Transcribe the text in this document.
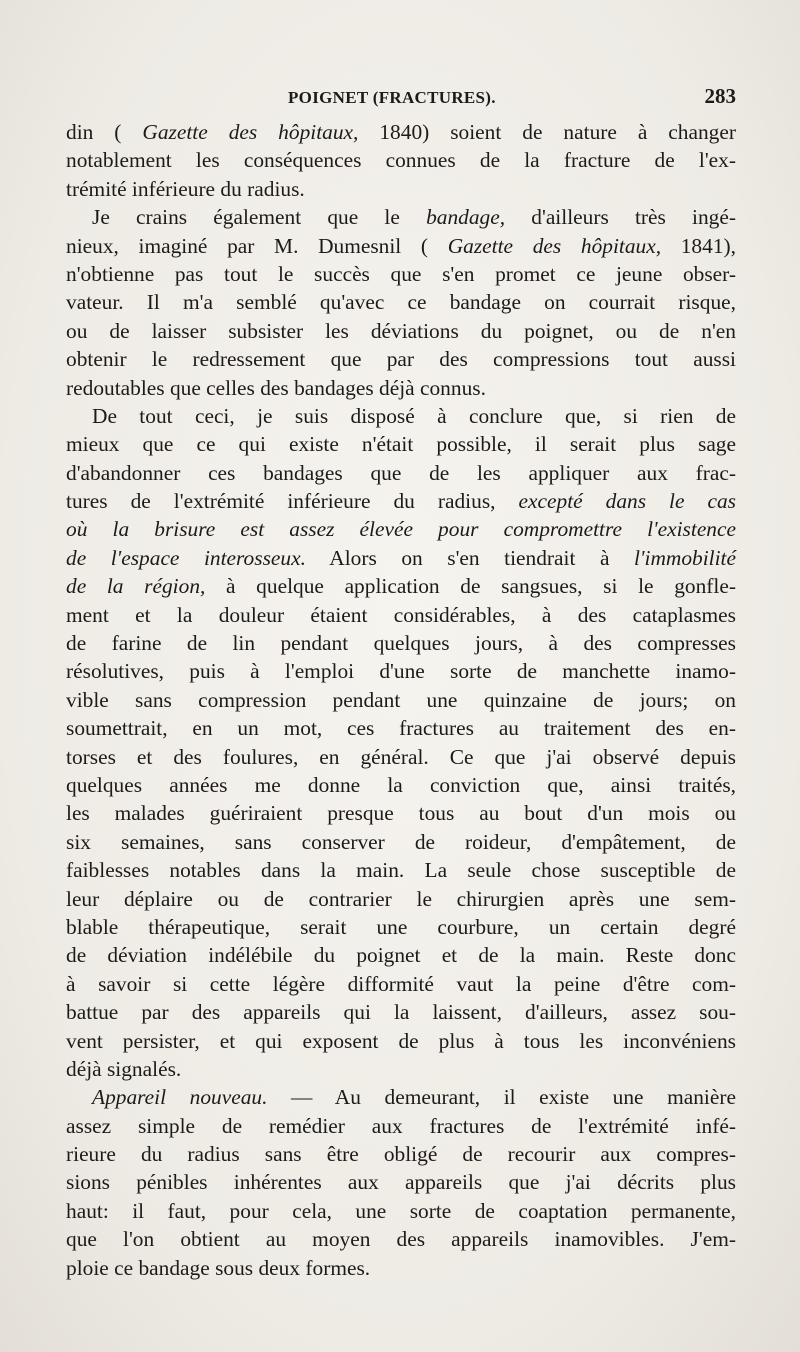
POIGNET (FRACTURES).	283
din ( Gazette des hôpitaux, 1840) soient de nature à changer
notablement les conséquences connues de la fracture de l'ex-
trémité inférieure du radius.
Je crains également que le bandage, d'ailleurs très ingé-
nieux, imaginé par M. Dumesnil ( Gazette des hôpitaux, 1841),
n'obtienne pas tout le succès que s'en promet ce jeune obser-
vateur. Il m'a semblé qu'avec ce bandage on courrait risque,
ou de laisser subsister les déviations du poignet, ou de n'en
obtenir le redressement que par des compressions tout aussi
redoutables que celles des bandages déjà connus.
De tout ceci, je suis disposé à conclure que, si rien de
mieux que ce qui existe n'était possible, il serait plus sage
d'abandonner ces bandages que de les appliquer aux frac-
tures de l'extrémité inférieure du radius, excepté dans le cas
où la brisure est assez élevée pour compromettre l'existence
de l'espace interosseux. Alors on s'en tiendrait à l'immobilité
de la région, à quelque application de sangsues, si le gonfle-
ment et la douleur étaient considérables, à des cataplasmes
de farine de lin pendant quelques jours, à des compresses
résolutives, puis à l'emploi d'une sorte de manchette inamo-
vible sans compression pendant une quinzaine de jours; on
soumettrait, en un mot, ces fractures au traitement des en-
torses et des foulures, en général. Ce que j'ai observé depuis
quelques années me donne la conviction que, ainsi traités,
les malades guériraient presque tous au bout d'un mois ou
six semaines, sans conserver de roideur, d'empâtement, de
faiblesses notables dans la main. La seule chose susceptible de
leur déplaire ou de contrarier le chirurgien après une sem-
blable thérapeutique, serait une courbure, un certain degré
de déviation indélébile du poignet et de la main. Reste donc
à savoir si cette légère difformité vaut la peine d'être com-
battue par des appareils qui la laissent, d'ailleurs, assez sou-
vent persister, et qui exposent de plus à tous les inconvéniens
déjà signalés.
Appareil nouveau. — Au demeurant, il existe une manière
assez simple de remédier aux fractures de l'extrémité infé-
rieure du radius sans être obligé de recourir aux compres-
sions pénibles inhérentes aux appareils que j'ai décrits plus
haut: il faut, pour cela, une sorte de coaptation permanente,
que l'on obtient au moyen des appareils inamovibles. J'em-
ploie ce bandage sous deux formes.
